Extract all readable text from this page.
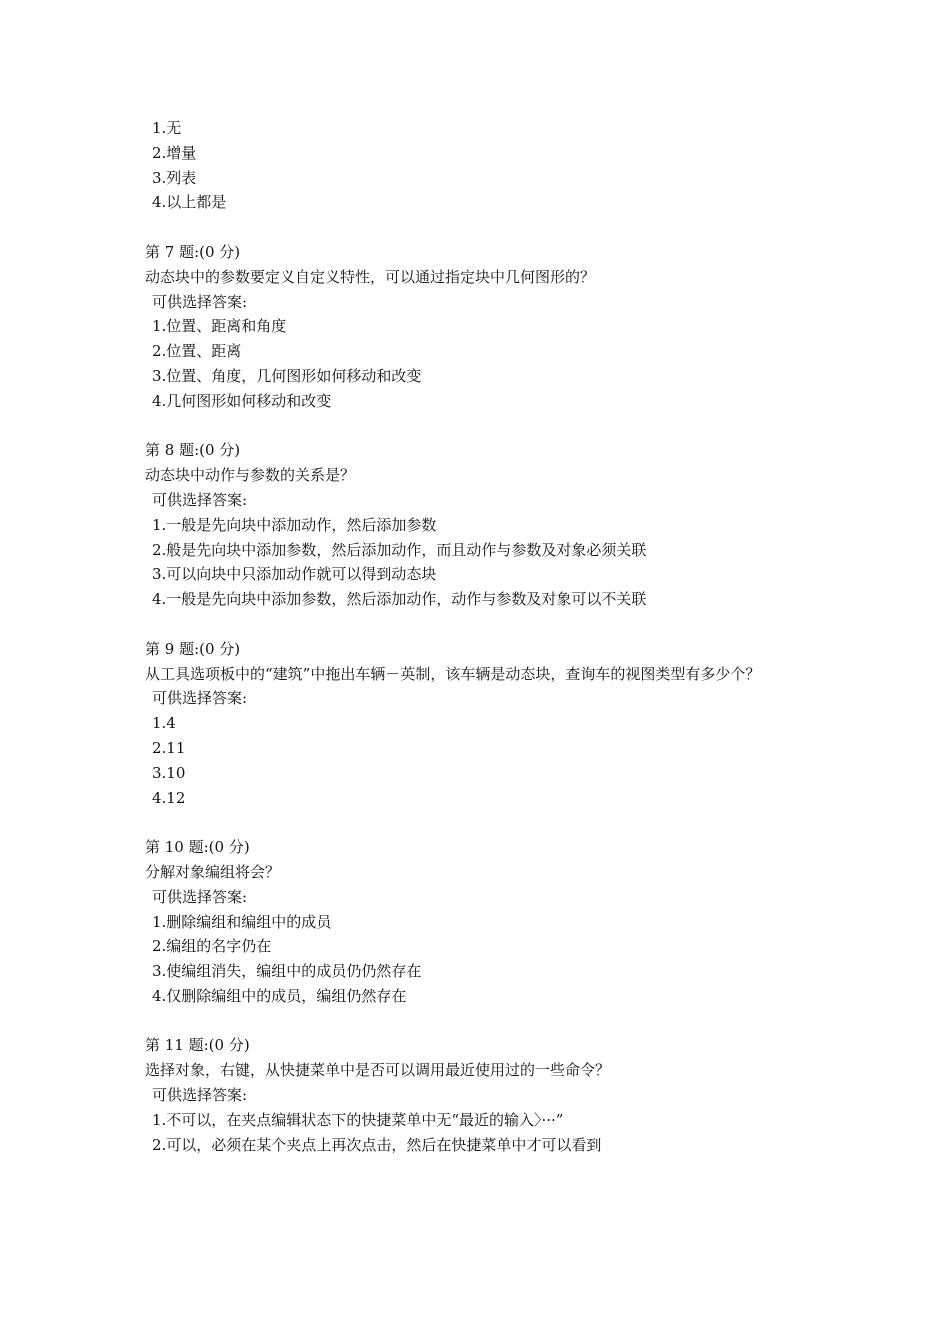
1.无
2.增量
3.列表
4.以上都是
第 7 题:(0 分)
动态块中的参数要定义自定义特性，可以通过指定块中几何图形的？
可供选择答案:
1.位置、距离和角度
2.位置、距离
3.位置、角度，几何图形如何移动和改变
4.几何图形如何移动和改变
第 8 题:(0 分)
动态块中动作与参数的关系是？
可供选择答案:
1.一般是先向块中添加动作，然后添加参数
2.般是先向块中添加参数，然后添加动作，而且动作与参数及对象必须关联
3.可以向块中只添加动作就可以得到动态块
4.一般是先向块中添加参数，然后添加动作，动作与参数及对象可以不关联
第 9 题:(0 分)
从工具选项板中的“建筑”中拖出车辆－英制，该车辆是动态块，查询车的视图类型有多少个？
可供选择答案:
1.4
2.11
3.10
4.12
第 10 题:(0 分)
分解对象编组将会？
可供选择答案:
1.删除编组和编组中的成员
2.编组的名字仍在
3.使编组消失，编组中的成员仍仍然存在
4.仅删除编组中的成员，编组仍然存在
第 11 题:(0 分)
选择对象，右键，从快捷菜单中是否可以调用最近使用过的一些命令？
可供选择答案:
1.不可以，在夹点编辑状态下的快捷菜单中无“最近的输入〉···”
2.可以，必须在某个夹点上再次点击，然后在快捷菜单中才可以看到
